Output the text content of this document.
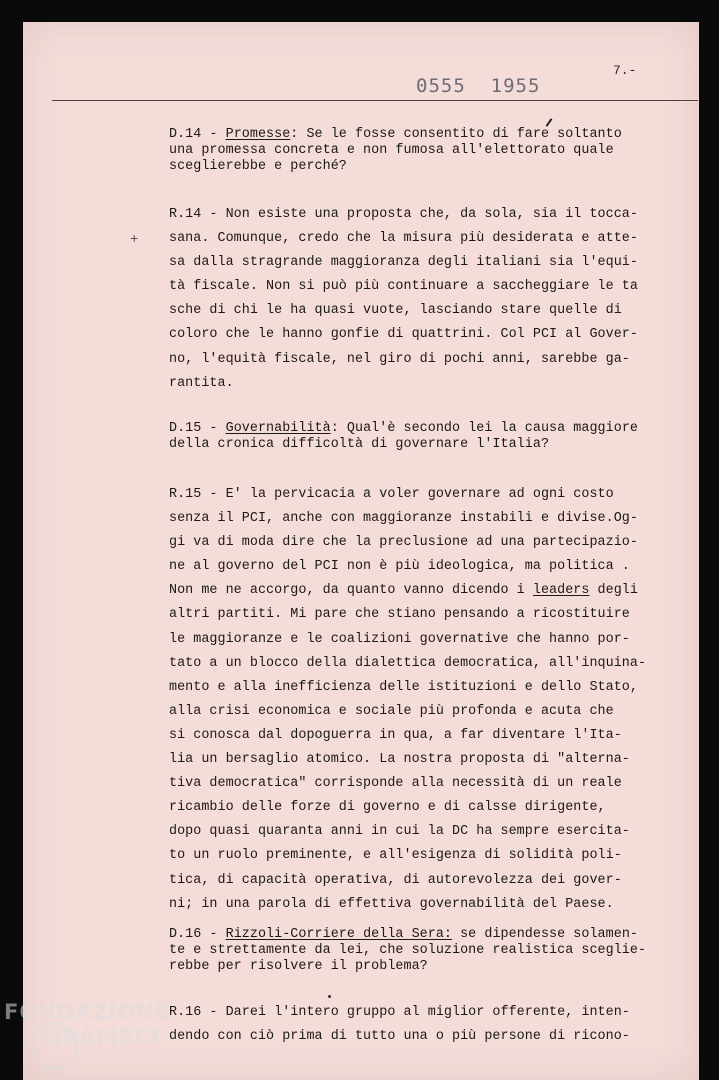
0555  1955
7.-
+
D.14 - Promesse: Se le fosse consentito di fare soltanto
una promessa concreta e non fumosa all'elettorato quale
sceglierebbe e perché?
R.14 - Non esiste una proposta che, da sola, sia il tocca-
sana. Comunque, credo che la misura più desiderata e atte-
sa dalla stragrande maggioranza degli italiani sia l'equi-
tà fiscale. Non si può più continuare a saccheggiare le ta
sche di chi le ha quasi vuote, lasciando stare quelle di
coloro che le hanno gonfie di quattrini. Col PCI al Gover-
no, l'equità fiscale, nel giro di pochi anni, sarebbe ga-
rantita.
D.15 - Governabilità: Qual'è secondo lei la causa maggiore
della cronica difficoltà di governare l'Italia?
R.15 - E' la pervicacia a voler governare ad ogni costo
senza il PCI, anche con maggioranze instabili e divise.Og-
gi va di moda dire che la preclusione ad una partecipazio-
ne al governo del PCI non è più ideologica, ma politica .
Non me ne accorgo, da quanto vanno dicendo i leaders degli
altri partiti. Mi pare che stiano pensando a ricostituire
le maggioranze e le coalizioni governative che hanno por-
tato a un blocco della dialettica democratica, all'inquina-
mento e alla inefficienza delle istituzioni e dello Stato,
alla crisi economica e sociale più profonda e acuta che
si conosca dal dopoguerra in qua, a far diventare l'Ita-
lia un bersaglio atomico. La nostra proposta di "alterna-
tiva democratica" corrisponde alla necessità di un reale
ricambio delle forze di governo e di calsse dirigente,
dopo quasi quaranta anni in cui la DC ha sempre esercita-
to un ruolo preminente, e all'esigenza di solidità poli-
tica, di capacità operativa, di autorevolezza dei gover-
ni; in una parola di effettiva governabilità del Paese.
D.16 - Rizzoli-Corriere della Sera: se dipendesse solamen-
te e strettamente da lei, che soluzione realistica sceglie-
rebbe per risolvere il problema?
R.16 - Darei l'intero gruppo al miglior offerente, inten-
dendo con ciò prima di tutto una o più persone di ricono-
FONDAZIONE
GRAMSCI
